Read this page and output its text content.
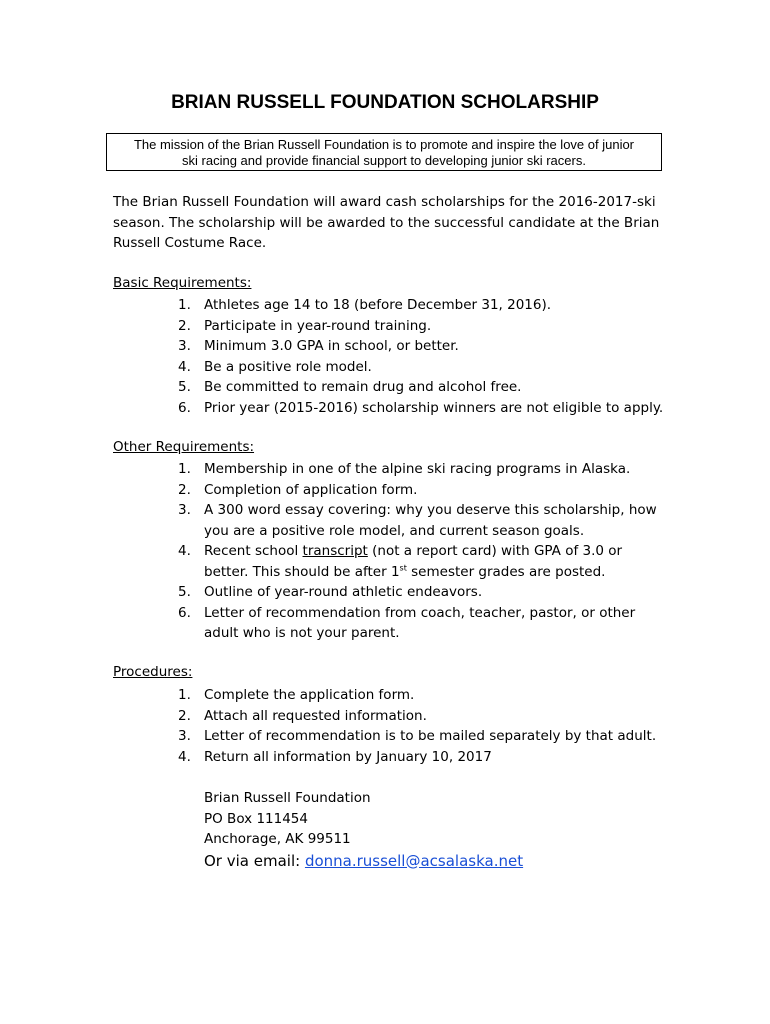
BRIAN RUSSELL FOUNDATION SCHOLARSHIP
The mission of the Brian Russell Foundation is to promote and inspire the love of junior
ski racing and provide financial support to developing junior ski racers.
The Brian Russell Foundation will award cash scholarships for the 2016-2017-ski
season. The scholarship will be awarded to the successful candidate at the Brian
Russell Costume Race.
Basic Requirements:
1. Athletes age 14 to 18 (before December 31, 2016).
2. Participate in year-round training.
3. Minimum 3.0 GPA in school, or better.
4. Be a positive role model.
5. Be committed to remain drug and alcohol free.
6. Prior year (2015-2016) scholarship winners are not eligible to apply.
Other Requirements:
1. Membership in one of the alpine ski racing programs in Alaska.
2. Completion of application form.
3. A 300 word essay covering: why you deserve this scholarship, how
you are a positive role model, and current season goals.
4. Recent school transcript (not a report card) with GPA of 3.0 or
better. This should be after 1st semester grades are posted.
5. Outline of year-round athletic endeavors.
6. Letter of recommendation from coach, teacher, pastor, or other
adult who is not your parent.
Procedures:
1. Complete the application form.
2. Attach all requested information.
3. Letter of recommendation is to be mailed separately by that adult.
4. Return all information by January 10, 2017
Brian Russell Foundation
PO Box 111454
Anchorage, AK 99511
Or via email: donna.russell@acsalaska.net
